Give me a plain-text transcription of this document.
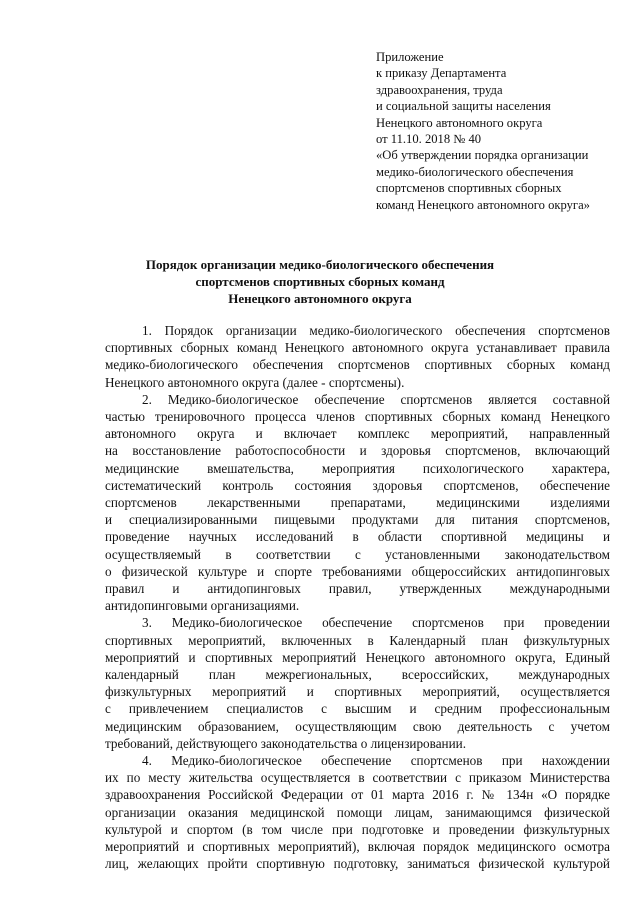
Приложение
к приказу Департамента
здравоохранения, труда
и социальной защиты населения
Ненецкого автономного округа
от 11.10. 2018 № 40
«Об утверждении порядка организации
медико-биологического обеспечения
спортсменов спортивных сборных
команд Ненецкого автономного округа»
Порядок организации медико-биологического обеспечения
спортсменов спортивных сборных команд
Ненецкого автономного округа
1. Порядок организации медико-биологического обеспечения спортсменов
спортивных сборных команд Ненецкого автономного округа устанавливает правила
медико-биологического обеспечения спортсменов спортивных сборных команд
Ненецкого автономного округа (далее - спортсмены).
2. Медико-биологическое обеспечение спортсменов является составной
частью тренировочного процесса членов спортивных сборных команд Ненецкого
автономного округа и включает комплекс мероприятий, направленный
на восстановление работоспособности и здоровья спортсменов, включающий
медицинские вмешательства, мероприятия психологического характера,
систематический контроль состояния здоровья спортсменов, обеспечение
спортсменов лекарственными препаратами, медицинскими изделиями
и специализированными пищевыми продуктами для питания спортсменов,
проведение научных исследований в области спортивной медицины и
осуществляемый в соответствии с установленными законодательством
о физической культуре и спорте требованиями общероссийских антидопинговых
правил и антидопинговых правил, утвержденных международными
антидопинговыми организациями.
3. Медико-биологическое обеспечение спортсменов при проведении
спортивных мероприятий, включенных в Календарный план физкультурных
мероприятий и спортивных мероприятий Ненецкого автономного округа, Единый
календарный план межрегиональных, всероссийских, международных
физкультурных мероприятий и спортивных мероприятий, осуществляется
с привлечением специалистов с высшим и средним профессиональным
медицинским образованием, осуществляющим свою деятельность с учетом
требований, действующего законодательства о лицензировании.
4. Медико-биологическое обеспечение спортсменов при нахождении
их по месту жительства осуществляется в соответствии с приказом Министерства
здравоохранения Российской Федерации от 01 марта 2016 г. № 134н «О порядке
организации оказания медицинской помощи лицам, занимающимся физической
культурой и спортом (в том числе при подготовке и проведении физкультурных
мероприятий и спортивных мероприятий), включая порядок медицинского осмотра
лиц, желающих пройти спортивную подготовку, заниматься физической культурой
